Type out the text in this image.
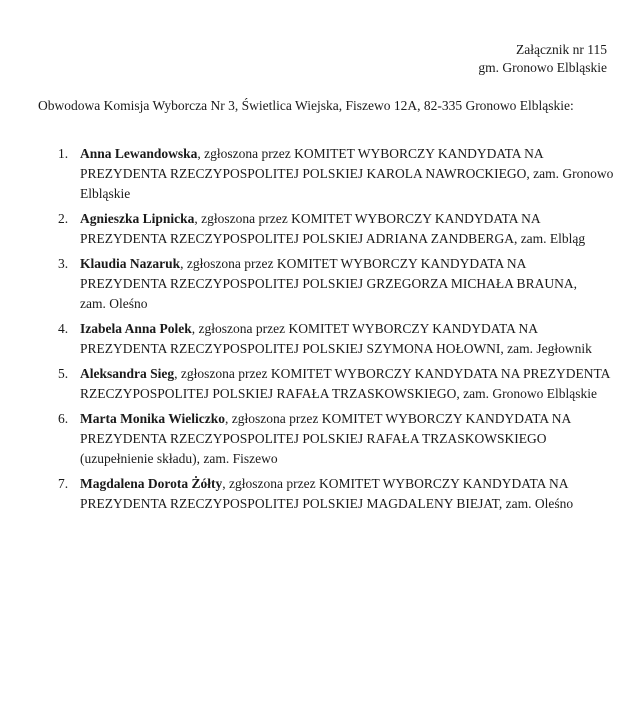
Załącznik nr 115
gm. Gronowo Elbląskie

Obwodowa Komisja Wyborcza Nr 3, Świetlica Wiejska, Fiszewo 12A, 82-335 Gronowo Elbląskie:

1. Anna Lewandowska, zgłoszona przez KOMITET WYBORCZY KANDYDATA NA
PREZYDENTA RZECZYPOSPOLITEJ POLSKIEJ KAROLA NAWROCKIEGO, zam. Gronowo
Elbląskie
2. Agnieszka Lipnicka, zgłoszona przez KOMITET WYBORCZY KANDYDATA NA
PREZYDENTA RZECZYPOSPOLITEJ POLSKIEJ ADRIANA ZANDBERGA, zam. Elbląg
3. Klaudia Nazaruk, zgłoszona przez KOMITET WYBORCZY KANDYDATA NA
PREZYDENTA RZECZYPOSPOLITEJ POLSKIEJ GRZEGORZA MICHAŁA BRAUNA,
zam. Oleśno
4. Izabela Anna Polek, zgłoszona przez KOMITET WYBORCZY KANDYDATA NA
PREZYDENTA RZECZYPOSPOLITEJ POLSKIEJ SZYMONA HOŁOWNI, zam. Jegłownik
5. Aleksandra Sieg, zgłoszona przez KOMITET WYBORCZY KANDYDATA NA PREZYDENTA
RZECZYPOSPOLITEJ POLSKIEJ RAFAŁA TRZASKOWSKIEGO, zam. Gronowo Elbląskie
6. Marta Monika Wieliczko, zgłoszona przez KOMITET WYBORCZY KANDYDATA NA
PREZYDENTA RZECZYPOSPOLITEJ POLSKIEJ RAFAŁA TRZASKOWSKIEGO
(uzupełnienie składu), zam. Fiszewo
7. Magdalena Dorota Żółty, zgłoszona przez KOMITET WYBORCZY KANDYDATA NA
PREZYDENTA RZECZYPOSPOLITEJ POLSKIEJ MAGDALENY BIEJAT, zam. Oleśno
